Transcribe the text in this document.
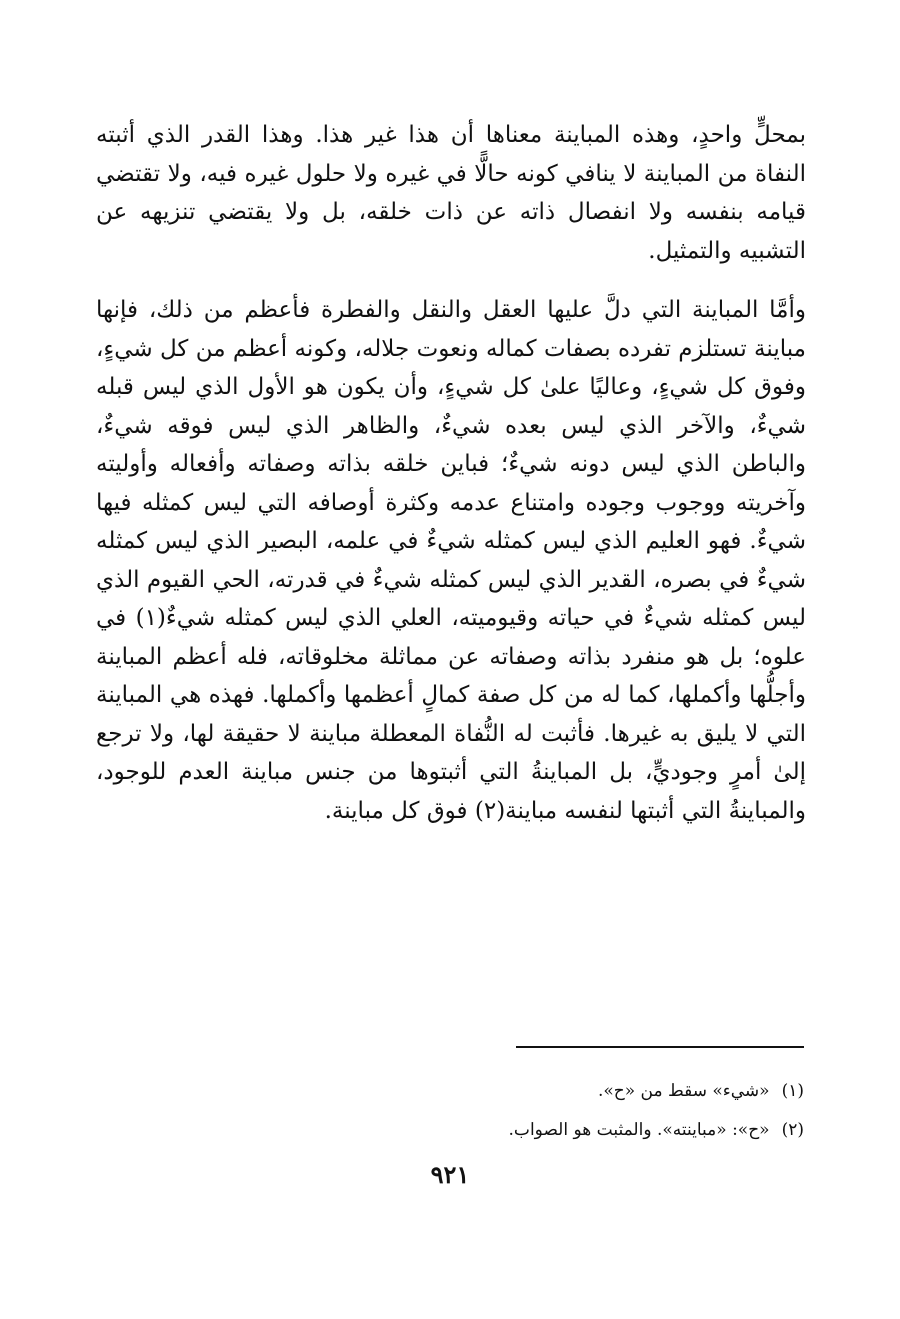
بمحلٍّ واحدٍ، وهذه المباينة معناها أن هذا غير هذا. وهذا القدر الذي أثبته النفاة من المباينة لا ينافي كونه حالًّا في غيره ولا حلول غيره فيه، ولا تقتضي قيامه بنفسه ولا انفصال ذاته عن ذات خلقه، بل ولا يقتضي تنزيهه عن التشبيه والتمثيل.

وأمَّا المباينة التي دلَّ عليها العقل والنقل والفطرة فأعظم من ذلك، فإنها مباينة تستلزم تفرده بصفات كماله ونعوت جلاله، وكونه أعظم من كل شيءٍ، وفوق كل شيءٍ، وعاليًا علىٰ كل شيءٍ، وأن يكون هو الأول الذي ليس قبله شيءٌ، والآخر الذي ليس بعده شيءٌ، والظاهر الذي ليس فوقه شيءٌ، والباطن الذي ليس دونه شيءٌ؛ فباين خلقه بذاته وصفاته وأفعاله وأوليته وآخريته ووجوب وجوده وامتناع عدمه وكثرة أوصافه التي ليس كمثله فيها شيءٌ. فهو العليم الذي ليس كمثله شيءٌ في علمه، البصير الذي ليس كمثله شيءٌ في بصره، القدير الذي ليس كمثله شيءٌ في قدرته، الحي القيوم الذي ليس كمثله شيءٌ في حياته وقيوميته، العلي الذي ليس كمثله شيءٌ(١) في علوه؛ بل هو منفرد بذاته وصفاته عن مماثلة مخلوقاته، فله أعظم المباينة وأجلُّها وأكملها، كما له من كل صفة كمالٍ أعظمها وأكملها. فهذه هي المباينة التي لا يليق به غيرها. فأثبت له النُّفاة المعطلة مباينة لا حقيقة لها، ولا ترجع إلىٰ أمرٍ وجوديٍّ، بل المباينةُ التي أثبتوها من جنس مباينة العدم للوجود، والمباينةُ التي أثبتها لنفسه مباينة(٢) فوق كل مباينة.

(١)«شيء» سقط من «ح».

(٢)«ح»: «مباينته». والمثبت هو الصواب.

٩٢١
